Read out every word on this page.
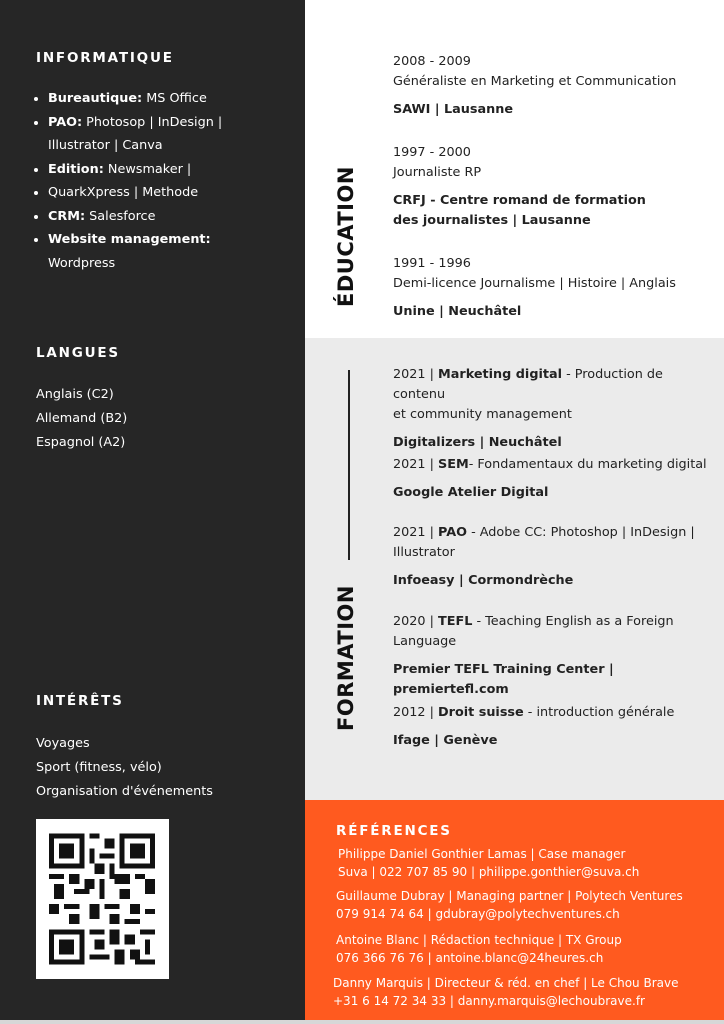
INFORMATIQUE
• Bureautique: MS Office
• PAO: Photosop | InDesign |
Illustrator | Canva
• Edition: Newsmaker |
• QuarkXpress | Methode
• CRM: Salesforce
• Website management:
Wordpress
LANGUES
Anglais (C2)
Allemand (B2)
Espagnol (A2)
INTÉRÊTS
Voyages
Sport (fitness, vélo)
Organisation d'événements
ÉDUCATION
2008 - 2009
Généraliste en Marketing et Communication
SAWI | Lausanne
1997 - 2000
Journaliste RP
CRFJ - Centre romand de formation
des journalistes | Lausanne
1991 - 1996
Demi-licence Journalisme | Histoire | Anglais
Unine | Neuchâtel
FORMATION
2021 | Marketing digital - Production de contenu
et community management
Digitalizers | Neuchâtel
2021 | SEM- Fondamentaux du marketing digital
Google Atelier Digital
2021 | PAO - Adobe CC: Photoshop | InDesign |
Illustrator
Infoeasy | Cormondrèche
2020 | TEFL - Teaching English as a Foreign
Language
Premier TEFL Training Center | premiertefl.com
2012 | Droit suisse - introduction générale
Ifage | Genève
RÉFÉRENCES
Philippe Daniel Gonthier Lamas | Case manager
Suva | 022 707 85 90 | philippe.gonthier@suva.ch
Guillaume Dubray | Managing partner | Polytech Ventures
079 914 74 64 | gdubray@polytechventures.ch
Antoine Blanc | Rédaction technique | TX Group
076 366 76 76 | antoine.blanc@24heures.ch
Danny Marquis | Directeur & réd. en chef | Le Chou Brave
+31 6 14 72 34 33 | danny.marquis@lechoubrave.fr
